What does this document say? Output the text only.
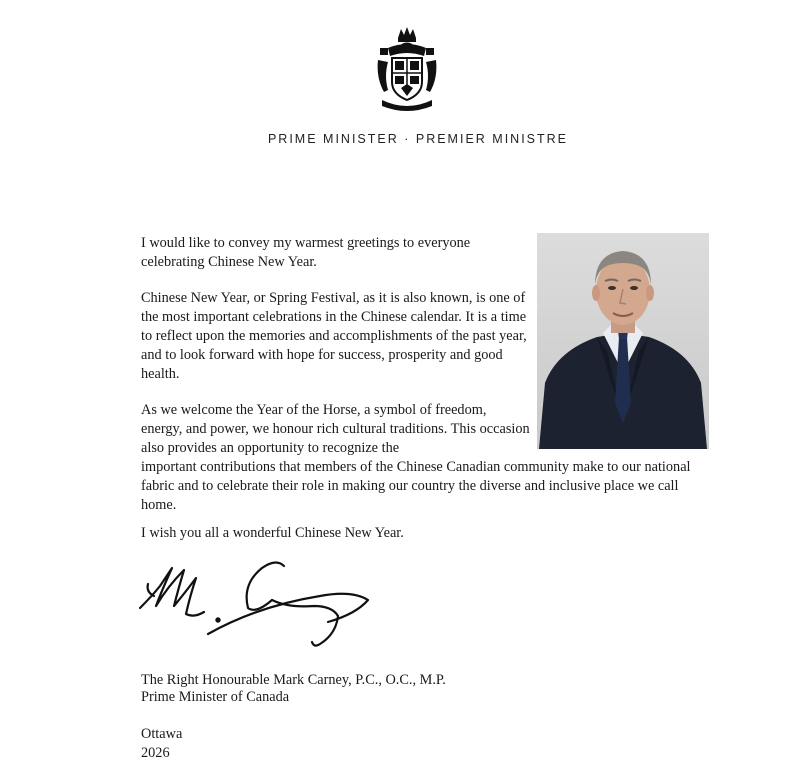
PRIME MINISTER · PREMIER MINISTRE

I would like to convey my warmest greetings to everyone celebrating Chinese New Year.

Chinese New Year, or Spring Festival, as it is also known, is one of the most important celebrations in the Chinese calendar. It is a time to reflect upon the memories and accomplishments of the past year, and to look forward with hope for success, prosperity and good health.

As we welcome the Year of the Horse, a symbol of freedom, energy, and power, we honour rich cultural traditions. This occasion also provides an opportunity to recognize the

important contributions that members of the Chinese Canadian community make to our national fabric and to celebrate their role in making our country the diverse and inclusive place we call home.

I wish you all a wonderful Chinese New Year.

The Right Honourable Mark Carney, P.C., O.C., M.P.
Prime Minister of Canada
Ottawa
2026
